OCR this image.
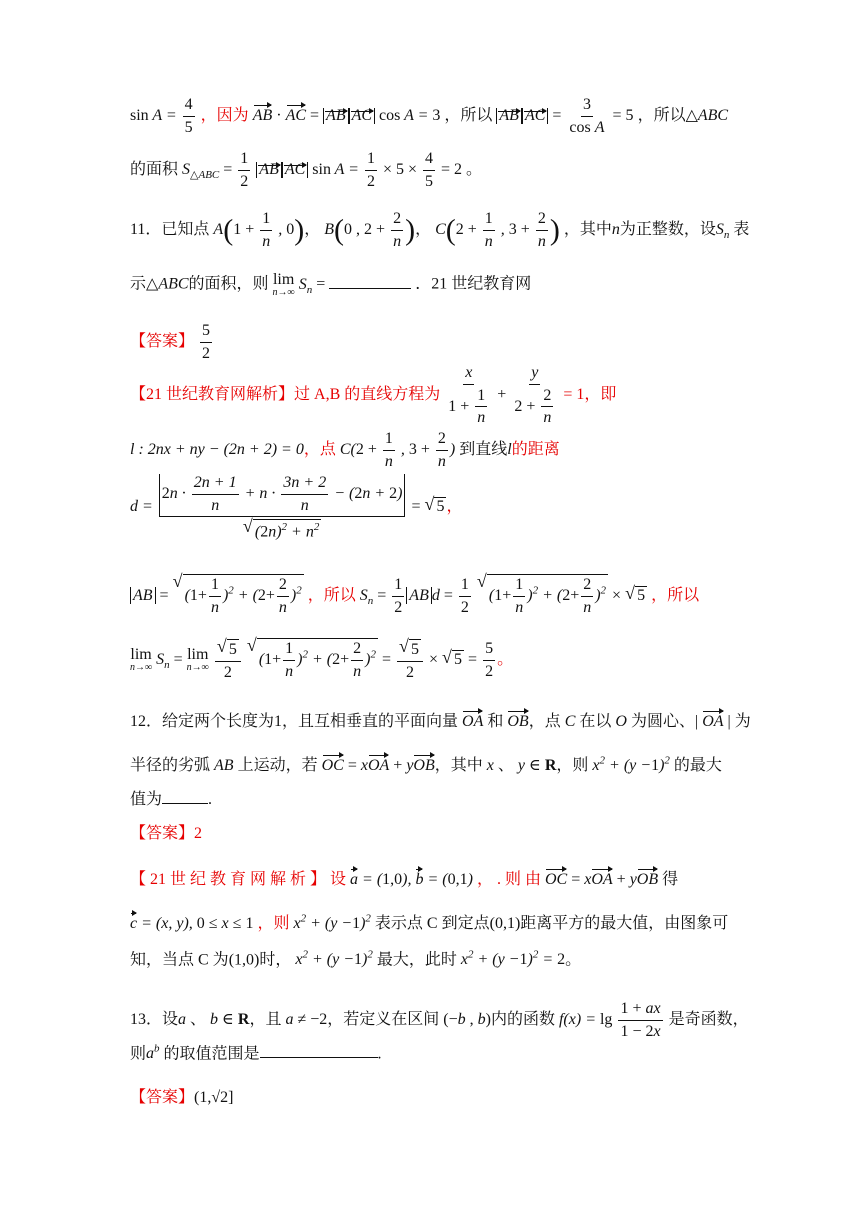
$\sin A = \frac{4}{5}$ ，因为 AB · AC = AB AC cos A = 3 ，所以 AB AC = $\frac{3}{\text{cos A}} = 5$ ，所以△ABC
的面积 $S_{\triangle ABC} = \frac{1}{2}$ AB AC $\sin A = \frac{1}{2} \times 5 \times \frac{4}{5} = 2$ 。
11．已知点 $A(1 + \frac{1}{n}$ , 0)， B(0 , $2 + \frac{2}{n}$ )， $C(2 + \frac{1}{n}$ , $3 + \frac{2}{n}$ ) ，其中n为正整数，设$S_n$ 表
示△ABC的面积，则 lim
n→∞ $S_n$ =	．21 世纪教育网
【答案】 $\frac{5}{2}$
【21 世纪教育网解析】过 A,B 的直线方程为 $\frac{x}{1 + \frac{1}{n}} + \frac{y}{2 + \frac{2}{n}} = 1$，即
l : 2nx + ny − (2n + 2) = 0，点 $C(2 + \frac{1}{n}$ , $3 + \frac{2}{n}$ ) 到直线l的距离
$d = 2n \cdot \frac{2n + 1}{n} + n \cdot \frac{3n + 2}{n} - (2n + 2)$
√ $(2n)^2 + n^2$ = √ 5 ，
AB = √ $(1+ \frac{1}{n} )^2 + (2+ \frac{2}{n} )^2$ ，所以 $S_n = \frac{1}{2}$ AB $d = \frac{1}{2}$ √ $(1+ \frac{1}{n} )^2 + (2+ \frac{2}{n} )^2$ × √ 5 ，所以
lim
n→∞ $S_n = \lim$
n→∞
√ $\frac{5}{2}$ √ $(1+ \frac{1}{n} )^2 + (2+ \frac{2}{n} )^2$ = √ $\frac{5}{2}$ × √ $5 = \frac{5}{2}$ 。
12．给定两个长度为1，且互相垂直的平面向量 OA 和 OB，点 C 在以 O 为圆心、| OA | 为
半径的劣弧 AB 上运动，若 OC = xOA + yOB，其中 x 、 y ∈ R，则 $x^2 + (y -1)^2$ 的最大
值为	.
【答案】2
【 21 世 纪 教 育 网 解 析 】 设 a = (1,0), b = (0,1) ， . 则 由 OC = xOA + yOB 得
c = (x, y), 0 ≤ x ≤ 1 ，则 $x^2 + (y -1)^2$ 表示点 C 到定点(0,1)距离平方的最大值，由图象可
知，当点 C 为(1,0)时， $x^2 + (y -1)^2$ 最大，此时 $x^2 + (y -1)^2 = 2$。
13．设a 、 b ∈ R，且 a ≠ −2，若定义在区间 (−b , b)内的函数 $f(x) = \lg \frac{1 + ax}{1 - 2x}$ 是奇函数，
则$a^b$ 的取值范围是	.
【答案】(1,√2]
